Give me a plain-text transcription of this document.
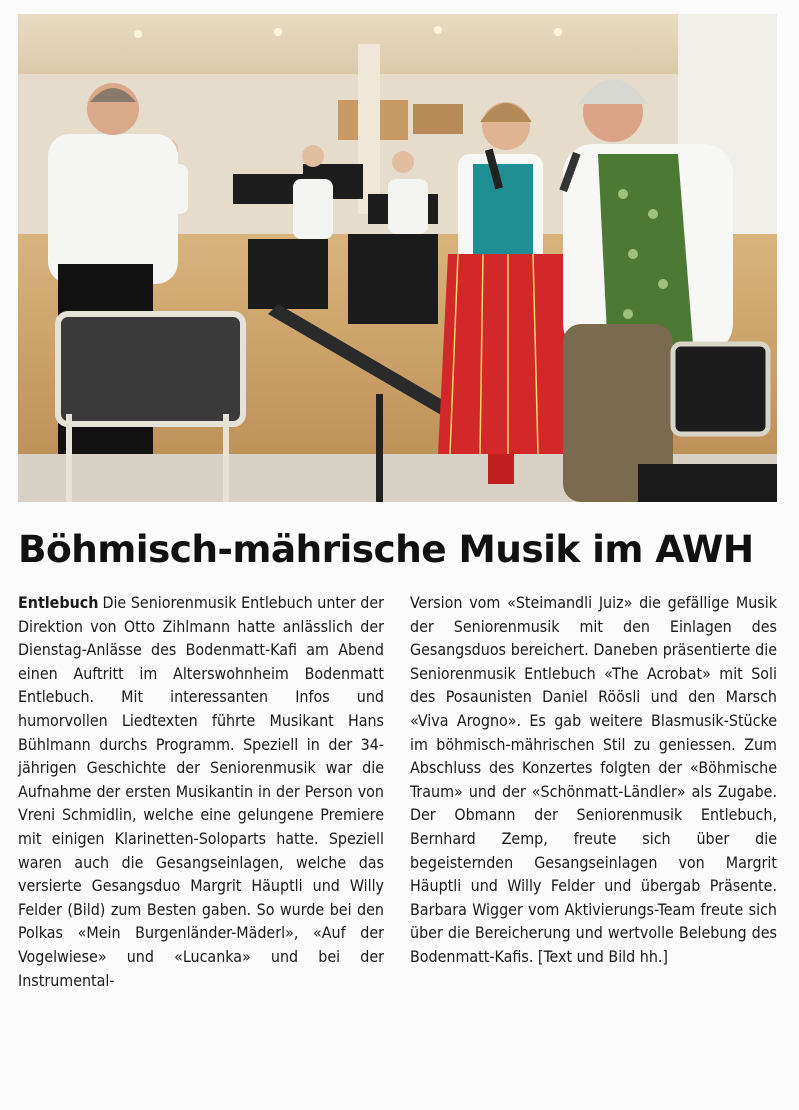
Böhmisch-mährische Musik im AWH

Entlebuch Die Seniorenmusik Entlebuch unter der Direktion von Otto Zihlmann hatte anlässlich der Dienstag-Anlässe des Bodenmatt-Kafi am Abend einen Auftritt im Alterswohnheim Bodenmatt Entlebuch. Mit interessanten Infos und humorvollen Liedtexten führte Musikant Hans Bühlmann durchs Programm. Speziell in der 34-jährigen Geschichte der Seniorenmusik war die Aufnahme der ersten Musikantin in der Person von Vreni Schmidlin, welche eine gelungene Premiere mit einigen Klarinetten-Soloparts hatte. Speziell waren auch die Gesangseinlagen, welche das versierte Gesangsduo Margrit Häuptli und Willy Felder (Bild) zum Besten gaben. So wurde bei den Polkas «Mein Burgenländer-Mäderl», «Auf der Vogelwiese» und «Lucanka» und bei der Instrumental-

Version vom «Steimandli Juiz» die gefällige Musik der Seniorenmusik mit den Einlagen des Gesangsduos bereichert. Daneben präsentierte die Seniorenmusik Entlebuch «The Acrobat» mit Soli des Posaunisten Daniel Röösli und den Marsch «Viva Arogno». Es gab weitere Blasmusik-Stücke im böhmisch-mährischen Stil zu geniessen. Zum Abschluss des Konzertes folgten der «Böhmische Traum» und der «Schönmatt-Ländler» als Zugabe. Der Obmann der Seniorenmusik Entlebuch, Bernhard Zemp, freute sich über die begeisternden Gesangseinlagen von Margrit Häuptli und Willy Felder und übergab Präsente. Barbara Wigger vom Aktivierungs-Team freute sich über die Bereicherung und wertvolle Belebung des Bodenmatt-Kafis. [Text und Bild hh.]
